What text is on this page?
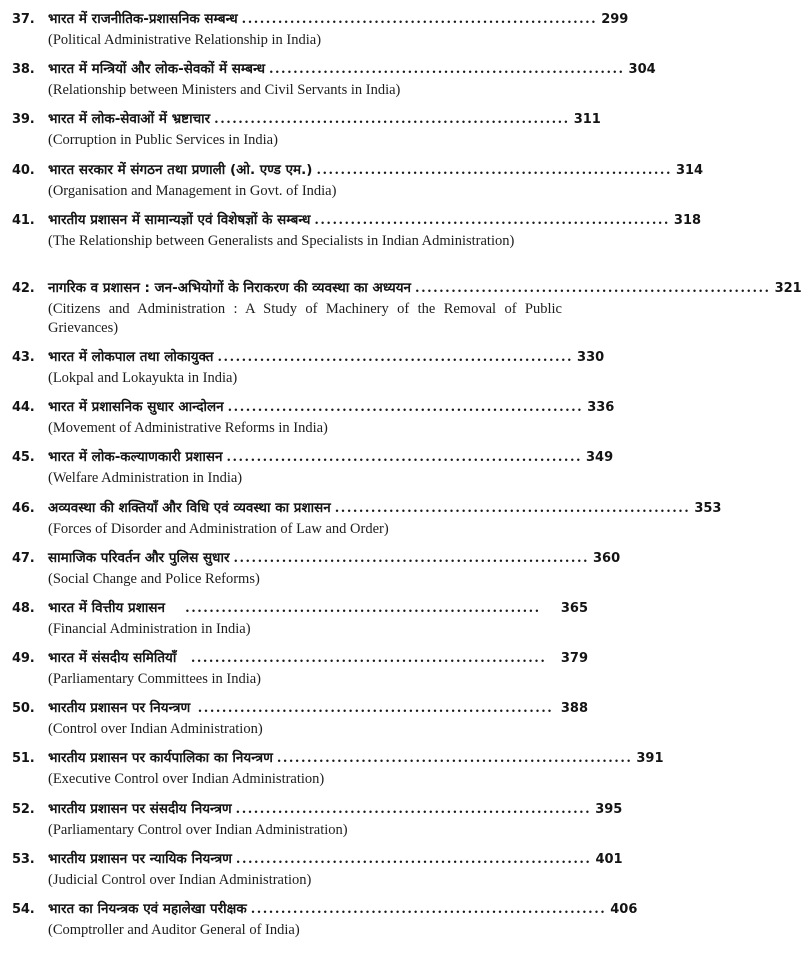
37.	भारत में राजनीतिक-प्रशासनिक सम्बन्ध ........................................................... 299
(Political Administrative Relationship in India)
38.	भारत में मन्त्रियों और लोक-सेवकों में सम्बन्ध ........................................................... 304
(Relationship between Ministers and Civil Servants in India)
39.	भारत में लोक-सेवाओं में भ्रष्टाचार ........................................................... 311
(Corruption in Public Services in India)
40.	भारत सरकार में संगठन तथा प्रणाली (ओ. एण्ड एम.) ........................................................... 314
(Organisation and Management in Govt. of India)
41.	भारतीय प्रशासन में सामान्यज्ञों एवं विशेषज्ञों के सम्बन्ध ........................................................... 318
(The Relationship between Generalists and Specialists in Indian Administration)
42.	नागरिक व प्रशासन : जन-अभियोगों के निराकरण की व्यवस्था का अध्ययन ........................................................... 321
(Citizens and Administration : A Study of Machinery of the Removal of Public Grievances)
43.	भारत में लोकपाल तथा लोकायुक्त ........................................................... 330
(Lokpal and Lokayukta in India)
44.	भारत में प्रशासनिक सुधार आन्दोलन ........................................................... 336
(Movement of Administrative Reforms in India)
45.	भारत में लोक-कल्याणकारी प्रशासन ........................................................... 349
(Welfare Administration in India)
46.	अव्यवस्था की शक्तियाँ और विधि एवं व्यवस्था का प्रशासन ........................................................... 353
(Forces of Disorder and Administration of Law and Order)
47.	सामाजिक परिवर्तन और पुलिस सुधार ........................................................... 360
(Social Change and Police Reforms)
48.	भारत में वित्तीय प्रशासन	...........................................................	365
(Financial Administration in India)
49.	भारत में संसदीय समितियाँ	...........................................................	379
(Parliamentary Committees in India)
50.	भारतीय प्रशासन पर नियन्त्रण ........................................................... 388
(Control over Indian Administration)
51.	भारतीय प्रशासन पर कार्यपालिका का नियन्त्रण ........................................................... 391
(Executive Control over Indian Administration)
52.	भारतीय प्रशासन पर संसदीय नियन्त्रण ........................................................... 395
(Parliamentary Control over Indian Administration)
53.	भारतीय प्रशासन पर न्यायिक नियन्त्रण ........................................................... 401
(Judicial Control over Indian Administration)
54.	भारत का नियन्त्रक एवं महालेखा परीक्षक ........................................................... 406
(Comptroller and Auditor General of India)
